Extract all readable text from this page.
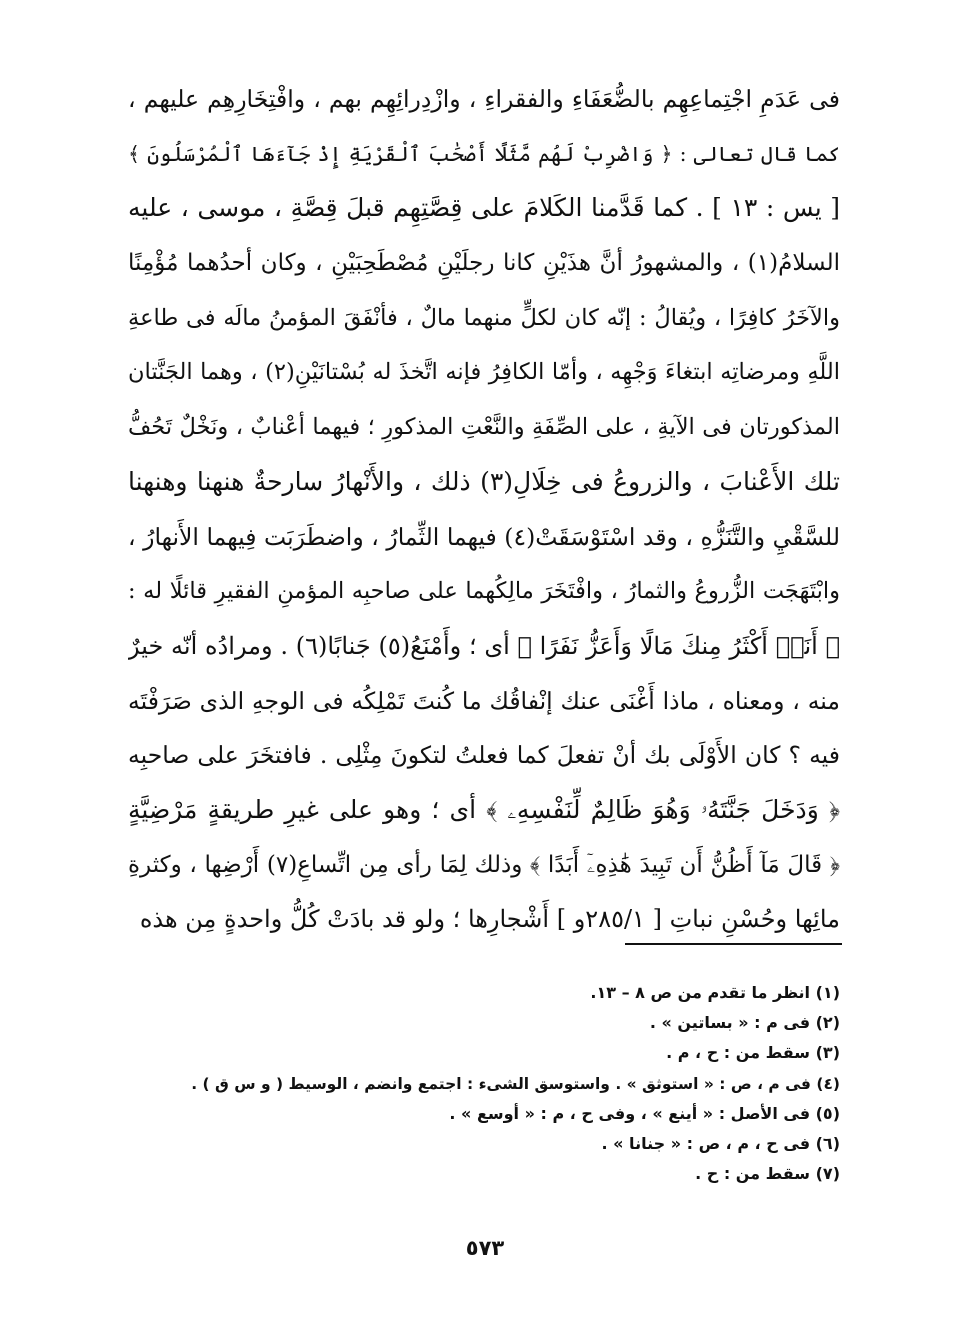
فى عَدَمِ اجْتِماعِهِم بالضُّعَفَاءِ والفقراءِ ، وازْدِرائِهِم بهم ، وافْتِخَارِهِم عليهم ،
كما قال تعالى : ﴿ وَاضْرِبْ لَهُم مَّثَلًا أَصْحَٰبَ ٱلْقَرْيَةِ إِذْ جَآءَهَا ٱلْمُرْسَلُونَ ﴾
[ يس : ١٣ ] . كما قَدَّمنا الكَلامَ على قِصَّتِهِم قبلَ قِصَّةِ ، موسى ، عليه
السلامُ(١) ، والمشهورُ أنَّ هذَيْنِ كانا رجلَيْنِ مُصْطَحِبَيْنِ ، وكان أحدُهما مُؤْمِنًا
والآخَرُ كافِرًا ، ويُقالُ : إنّه كان لكلٍّ منهما مالٌ ، فأنْفَقَ المؤمنُ مالَه فى طاعةِ
اللَّهِ ومرضاتِه ابتغاءَ وَجْهِه ، وأمّا الكافِرُ فإنه اتَّخذَ له بُسْتانَيْنِ(٢) ، وهما الجَنَّتان
المذكورتان فى الآيةِ ، على الصِّفَةِ والنَّعْتِ المذكورِ ؛ فيهما أعْنابٌ ، ونَخْلٌ تَحُفُّ
تلك الأَعْنابَ ، والزروعُ فى خِلَالِ(٣) ذلك ، والأَنْهارُ سارحةٌ هنهنا وهنهنا
للسَّقْيِ والتَّنَزُّهِ ، وقد اسْتَوْسَقَتْ(٤) فيهما الثِّمارُ ، واضطَرَبَت فِيهما الأَنهارُ ،
وابْتَهَجَت الزُّروعُ والثمارُ ، وافْتَخَرَ مالِكُهما على صاحبِه المؤمنِ الفقيرِ قائلًا له :
﴿ أَنَا۠ أَكْثَرُ مِنكَ مَالًا وَأَعَزُّ نَفَرًا ﴾ أى ؛ وأَمْنَعُ(٥) جَنابًا(٦) . ومرادُه أنّه خيرٌ
منه ، ومعناه ، ماذا أَغْنَى عنك إنْفاقُك ما كُنتَ تَمْلِكُه فى الوجهِ الذى صَرَفْتَه
فيه ؟ كان الأَوْلَى بك أنْ تفعلَ كما فعلتُ لتكونَ مِثْلِى . فافتخَرَ على صاحبِه
﴿ وَدَخَلَ جَنَّتَهُۥ وَهُوَ ظَالِمٌ لِّنَفْسِهِۦ ﴾ أى ؛ وهو على غيرِ طريقةٍ مَرْضِيَّةٍ
﴿ قَالَ مَآ أَظُنُّ أَن تَبِيدَ هَٰذِهِۦٓ أَبَدًا ﴾ وذلك لِمَا رأى مِن اتِّساعِ(٧) أَرْضِها ، وكثرةِ
مائِها وحُسْنِ نباتِ [ ٢٨٥/١و ] أَشْجارِها ؛ ولو قد بادَتْ كُلُّ واحدةٍ مِن هذه
(١) انظر ما تقدم من ص ٨ – ١٣.
(٢) فى م : « بساتين » .
(٣) سقط من : ح ، م .
(٤) فى م ، ص : « استوثق » . واستوسق الشىء : اجتمع وانضم ، الوسيط ( و س ق ) .
(٥) فى الأصل : « أينع » ، وفى ح ، م : « أوسع » .
(٦) فى ح ، م ، ص : « جنانا » .
(٧) سقط من : ح .
٥٧٣
